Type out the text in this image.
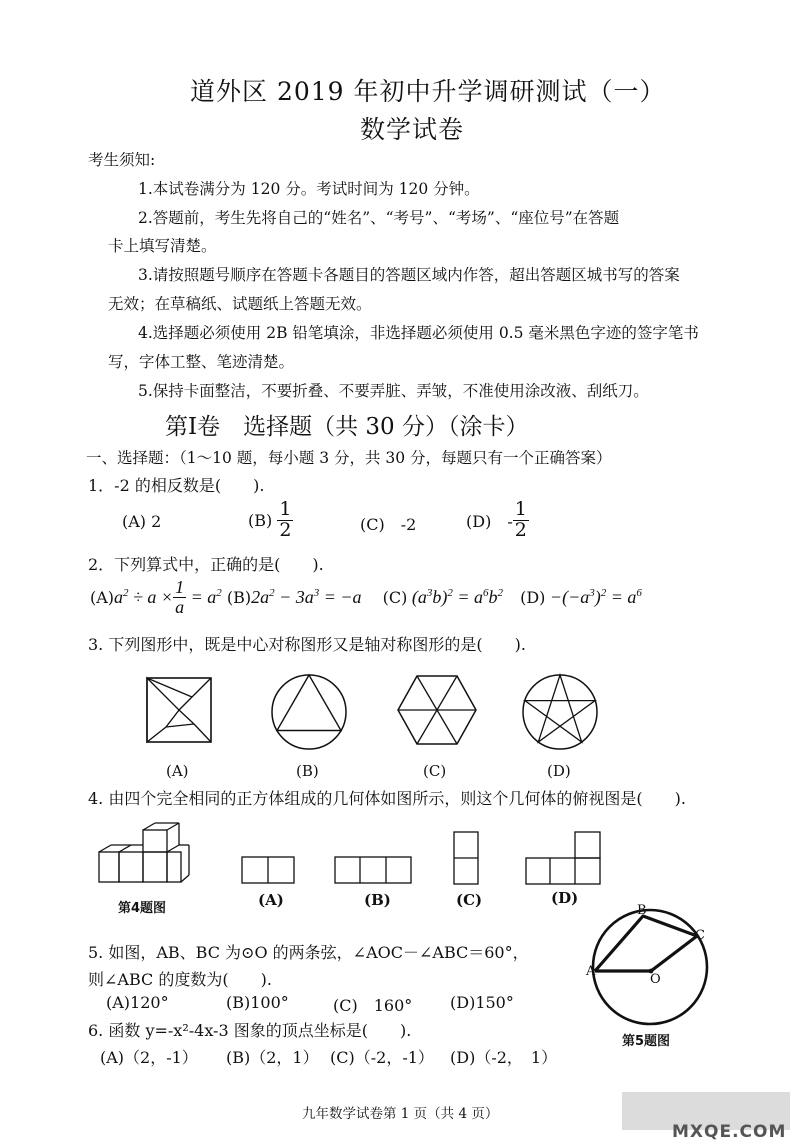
道外区 2019 年初中升学调研测试（一）
数学试卷
考生须知:
1.本试卷满分为 120 分。考试时间为 120 分钟。
2.答题前，考生先将自己的“姓名”、“考号”、“考场”、“座位号”在答题
卡上填写清楚。
3.请按照题号顺序在答题卡各题目的答题区域内作答，超出答题区城书写的答案
无效；在草稿纸、试题纸上答题无效。
4.选择题必须使用 2B 铅笔填涂，非选择题必须使用 0.5 毫米黑色字迹的签字笔书
写，字体工整、笔迹清楚。
5.保持卡面整洁，不要折叠、不要弄脏、弄皱，不准使用涂改液、刮纸刀。
第Ⅰ卷　选择题（共 30 分）（涂卡）
一、选择题：（1～10 题，每小题 3 分，共 30 分，每题只有一个正确答案）
1．-2 的相反数是(　　).
(A) 2	$(B) \frac{1}{2}$	(C)　-2	(D)　- $\frac{1}{2}$
2．下列算式中，正确的是(　　).
$(A)a^2 \div a \times \frac{1}{a} = a^2$ $(B)2a^2 - 3a^3 = -a$ (C) $(a^3b)^2 = a^6b^2$ $(D) -(-a^3)^2 = a^6$
3. 下列图形中，既是中心对称图形又是轴对称图形的是(　　).
(A)	(B)	(C)	(D)
4. 由四个完全相同的正方体组成的几何体如图所示，则这个几何体的俯视图是(　　).
第4题图	(A)	(B)	(C)	(D)
5. 如图，AB、BC 为⊙O 的两条弦，∠AOC－∠ABC＝60°，
则∠ABC 的度数为(　　).
(A)120°	(B)100°	(C)　160° (D)150°
B
C
A
O
第5题图
6. 函数 y=-x²-4x-3 图象的顶点坐标是(　　).
(A)（2，-1） (B)（2，1） (C)（-2，-1） (D)（-2，　1）
九年数学试卷第 1 页（共 4 页）
MXQE.COM
